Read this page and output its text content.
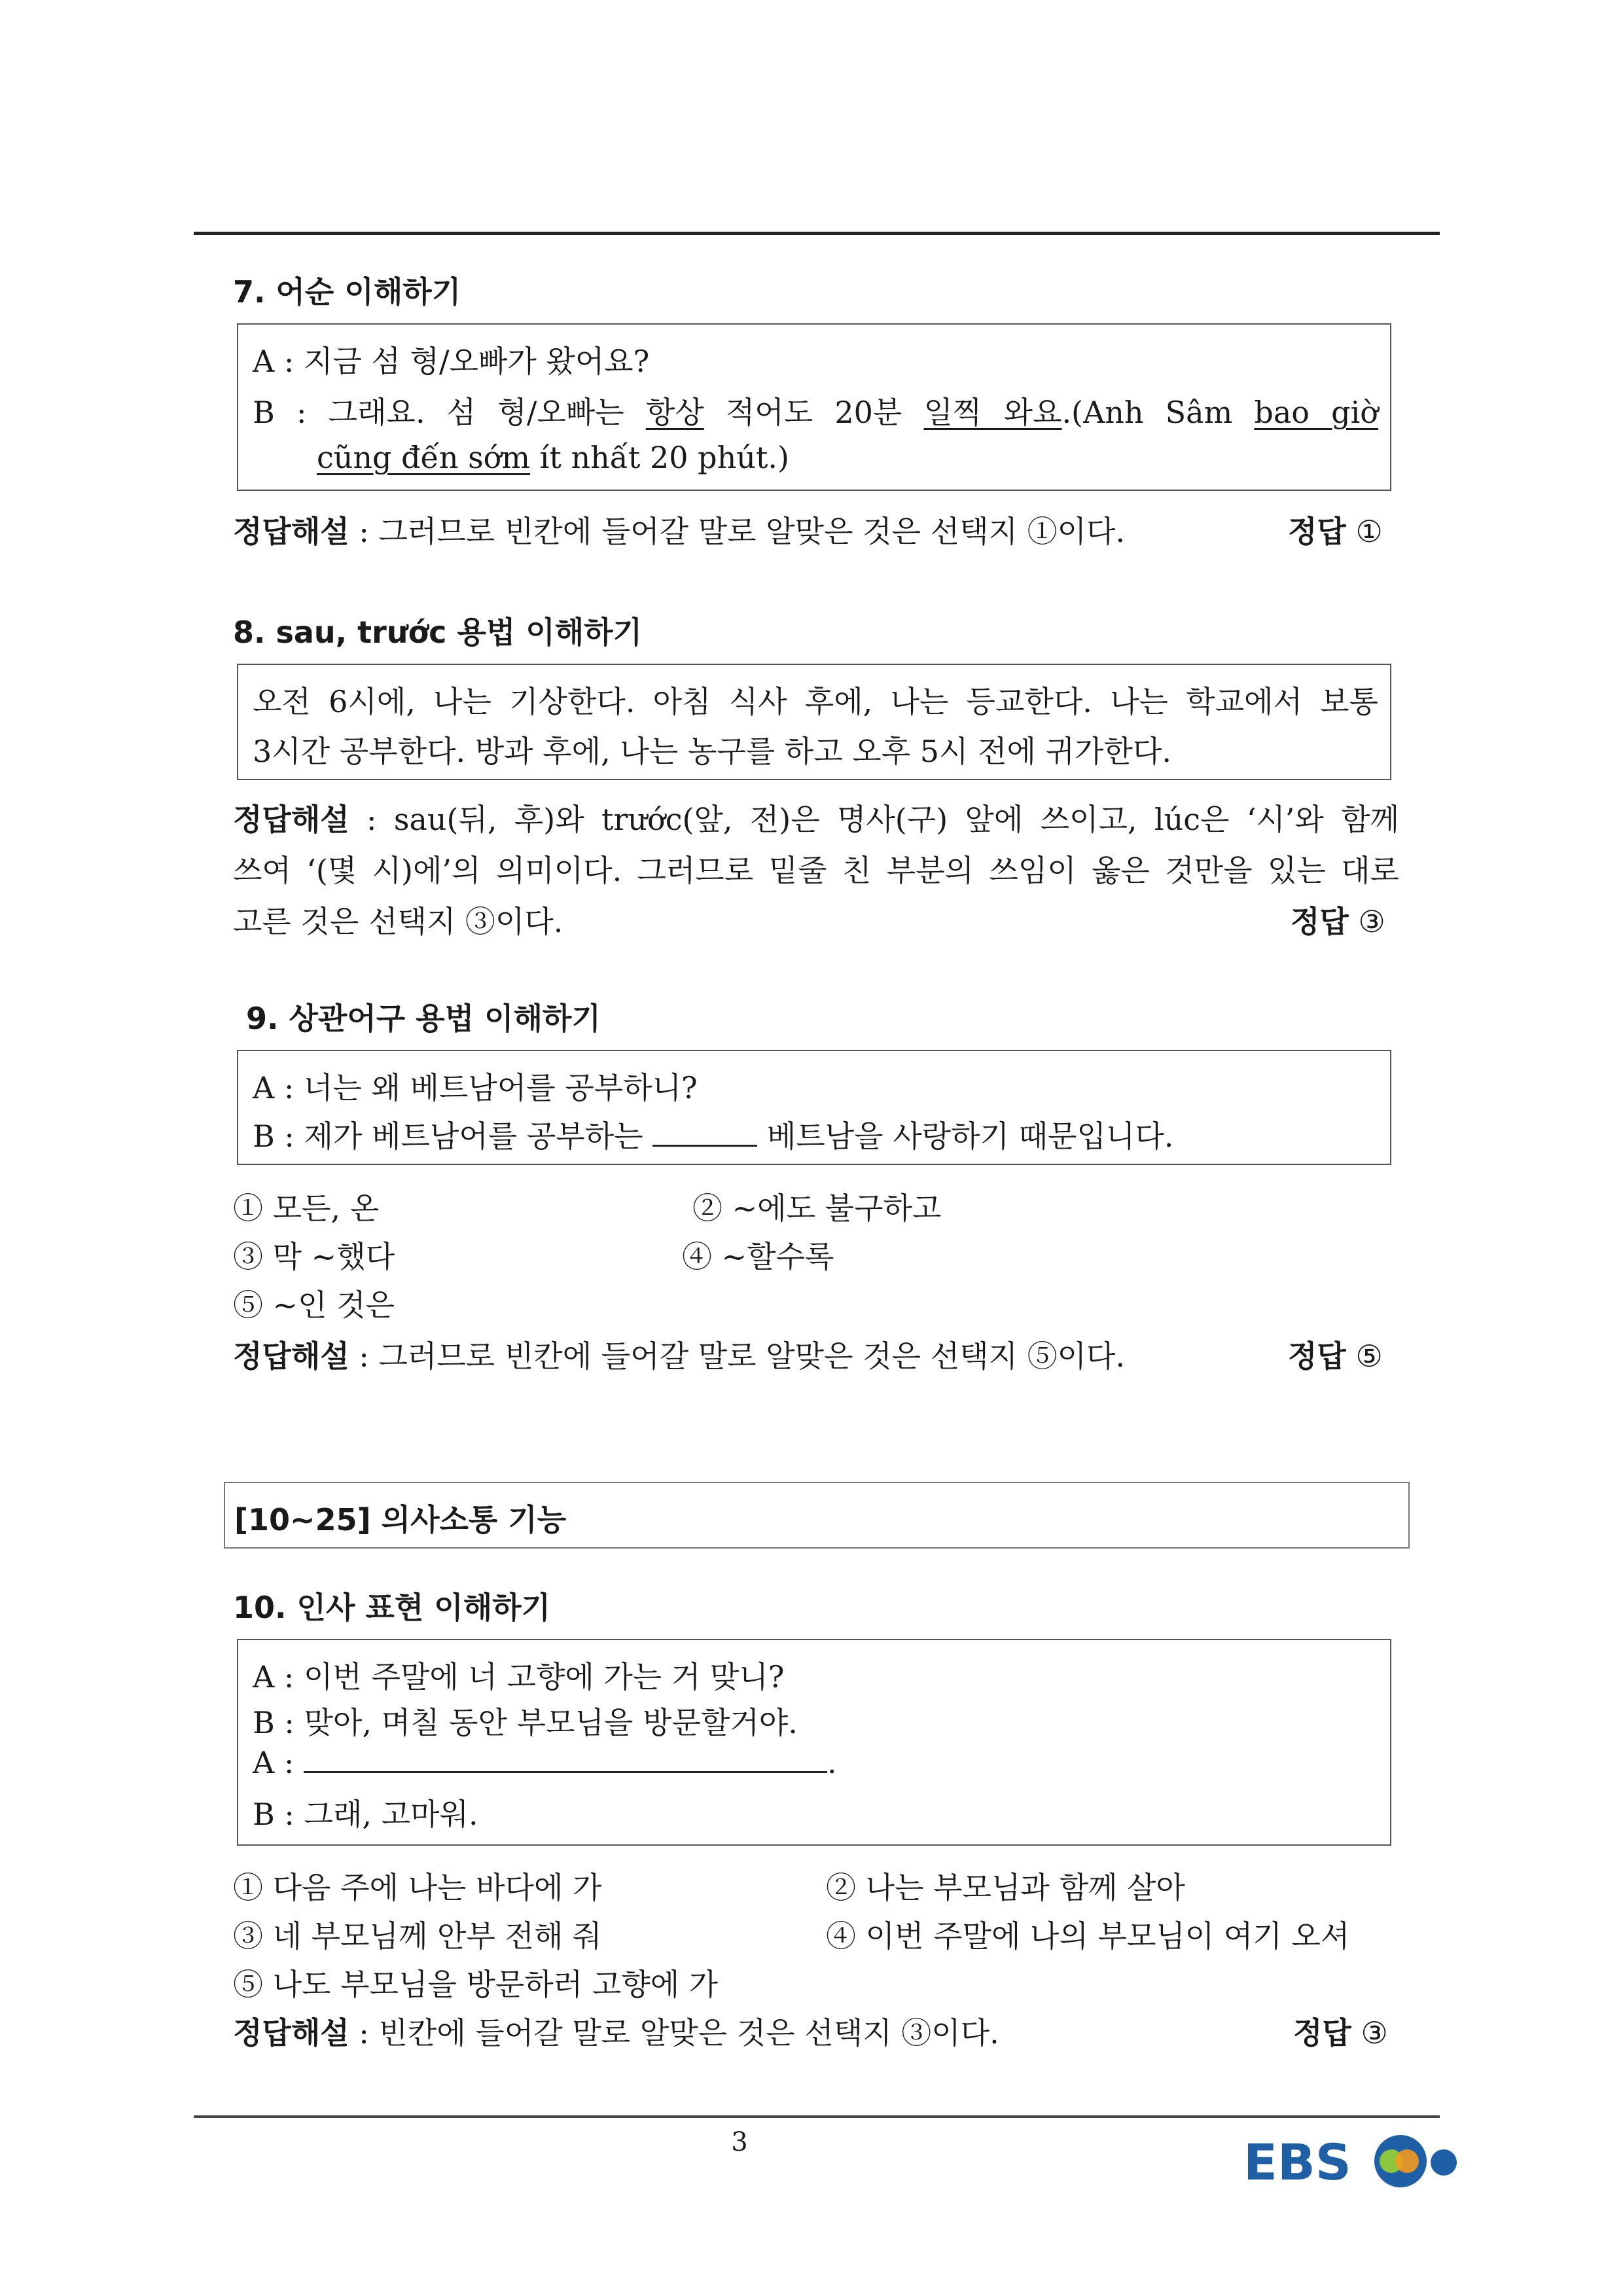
7. 어순 이해하기
A : 지금 섬 형/오빠가 왔어요?
B : 그래요. 섬 형/오빠는 항상 적어도 20분 일찍 와요.(Anh Sâm bao giờ
cũng đến sớm ít nhất 20 phút.)
정답해설 : 그러므로 빈칸에 들어갈 말로 알맞은 것은 선택지 ①이다.	정답 ①
8. sau, trước 용법 이해하기
오전 6시에, 나는 기상한다. 아침 식사 후에, 나는 등교한다. 나는 학교에서 보통
3시간 공부한다. 방과 후에, 나는 농구를 하고 오후 5시 전에 귀가한다.
정답해설 : sau(뒤, 후)와 trước(앞, 전)은 명사(구) 앞에 쓰이고, lúc은 ‘시’와 함께
쓰여 ‘(몇 시)에’의 의미이다. 그러므로 밑줄 친 부분의 쓰임이 옳은 것만을 있는 대로
고른 것은 선택지 ③이다.	정답 ③
9. 상관어구 용법 이해하기
A : 너는 왜 베트남어를 공부하니?
B : 제가 베트남어를 공부하는	베트남을 사랑하기 때문입니다.
① 모든, 온	② ~에도 불구하고
③ 막 ~했다	④ ~할수록
⑤ ~인 것은
정답해설 : 그러므로 빈칸에 들어갈 말로 알맞은 것은 선택지 ⑤이다.	정답 ⑤
[10~25] 의사소통 기능
10. 인사 표현 이해하기
A : 이번 주말에 너 고향에 가는 거 맞니?
B : 맞아, 며칠 동안 부모님을 방문할거야.
A :	.
B : 그래, 고마워.
① 다음 주에 나는 바다에 가	② 나는 부모님과 함께 살아
③ 네 부모님께 안부 전해 줘	④ 이번 주말에 나의 부모님이 여기 오셔
⑤ 나도 부모님을 방문하러 고향에 가
정답해설 : 빈칸에 들어갈 말로 알맞은 것은 선택지 ③이다.	정답 ③
3	EBS
